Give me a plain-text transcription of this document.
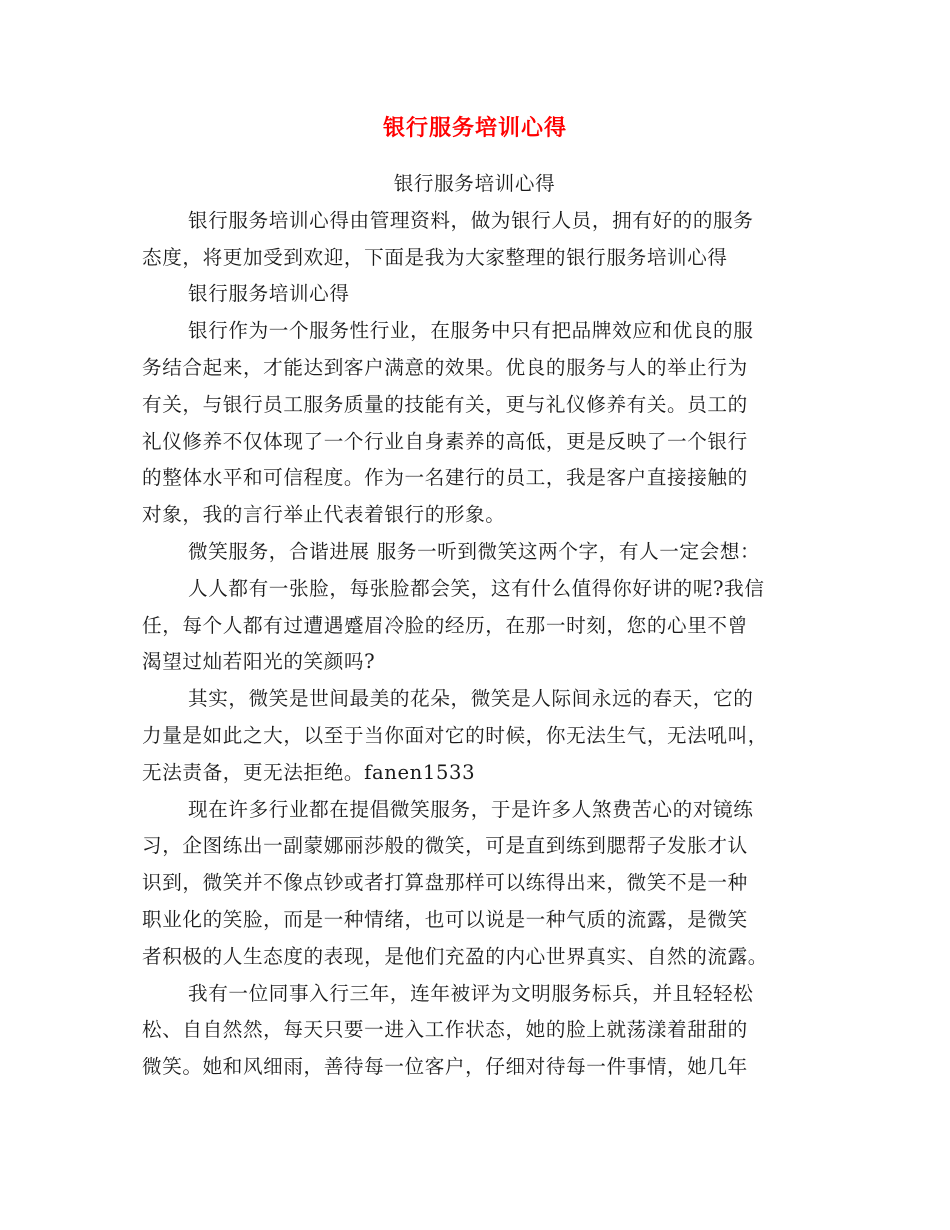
银行服务培训心得
银行服务培训心得
银行服务培训心得由管理资料，做为银行人员，拥有好的的服务
态度，将更加受到欢迎，下面是我为大家整理的银行服务培训心得
银行服务培训心得
银行作为一个服务性行业，在服务中只有把品牌效应和优良的服
务结合起来，才能达到客户满意的效果。优良的服务与人的举止行为
有关，与银行员工服务质量的技能有关，更与礼仪修养有关。员工的
礼仪修养不仅体现了一个行业自身素养的高低，更是反映了一个银行
的整体水平和可信程度。作为一名建行的员工，我是客户直接接触的
对象，我的言行举止代表着银行的形象。
微笑服务，合谐进展 服务一听到微笑这两个字，有人一定会想：
人人都有一张脸，每张脸都会笑，这有什么值得你好讲的呢?我信
任，每个人都有过遭遇蹙眉冷脸的经历，在那一时刻，您的心里不曾
渴望过灿若阳光的笑颜吗?
其实，微笑是世间最美的花朵，微笑是人际间永远的春天，它的
力量是如此之大，以至于当你面对它的时候，你无法生气，无法吼叫，
无法责备，更无法拒绝。fanen1533
现在许多行业都在提倡微笑服务，于是许多人煞费苦心的对镜练
习，企图练出一副蒙娜丽莎般的微笑，可是直到练到腮帮子发胀才认
识到，微笑并不像点钞或者打算盘那样可以练得出来，微笑不是一种
职业化的笑脸，而是一种情绪，也可以说是一种气质的流露，是微笑
者积极的人生态度的表现，是他们充盈的内心世界真实、自然的流露。
我有一位同事入行三年，连年被评为文明服务标兵，并且轻轻松
松、自自然然，每天只要一进入工作状态，她的脸上就荡漾着甜甜的
微笑。她和风细雨，善待每一位客户，仔细对待每一件事情，她几年
